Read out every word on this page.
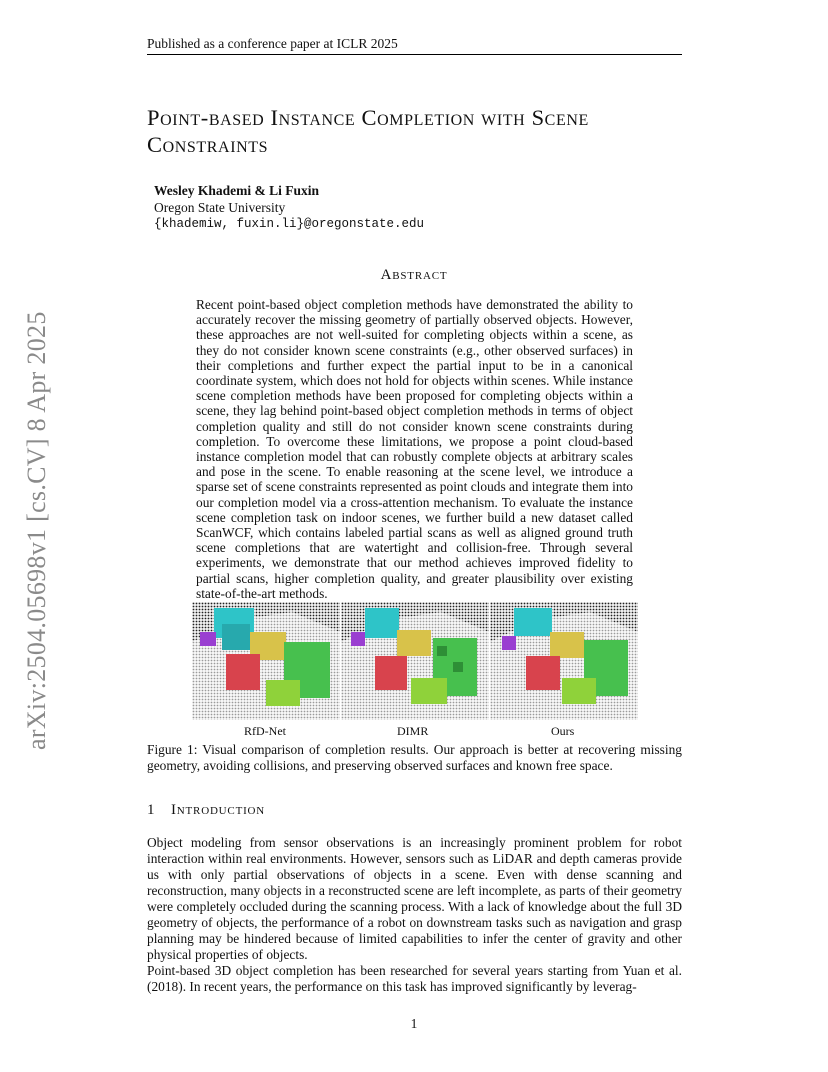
Published as a conference paper at ICLR 2025
Point-based Instance Completion with Scene Constraints
Wesley Khademi & Li Fuxin
Oregon State University
{khademiw, fuxin.li}@oregonstate.edu
arXiv:2504.05698v1 [cs.CV] 8 Apr 2025
Abstract
Recent point-based object completion methods have demonstrated the ability to accurately recover the missing geometry of partially observed objects. However, these approaches are not well-suited for completing objects within a scene, as they do not consider known scene constraints (e.g., other observed surfaces) in their completions and further expect the partial input to be in a canonical coordinate system, which does not hold for objects within scenes. While instance scene completion methods have been proposed for completing objects within a scene, they lag behind point-based object completion methods in terms of object completion quality and still do not consider known scene constraints during completion. To overcome these limitations, we propose a point cloud-based instance completion model that can robustly complete objects at arbitrary scales and pose in the scene. To enable reasoning at the scene level, we introduce a sparse set of scene constraints represented as point clouds and integrate them into our completion model via a cross-attention mechanism. To evaluate the instance scene completion task on indoor scenes, we further build a new dataset called ScanWCF, which contains labeled partial scans as well as aligned ground truth scene completions that are watertight and collision-free. Through several experiments, we demonstrate that our method achieves improved fidelity to partial scans, higher completion quality, and greater plausibility over existing state-of-the-art methods.
RfD-Net	DIMR	Ours
Figure 1: Visual comparison of completion results. Our approach is better at recovering missing geometry, avoiding collisions, and preserving observed surfaces and known free space.
1 Introduction

Object modeling from sensor observations is an increasingly prominent problem for robot interaction within real environments. However, sensors such as LiDAR and depth cameras provide us with only partial observations of objects in a scene. Even with dense scanning and reconstruction, many objects in a reconstructed scene are left incomplete, as parts of their geometry were completely occluded during the scanning process. With a lack of knowledge about the full 3D geometry of objects, the performance of a robot on downstream tasks such as navigation and grasp planning may be hindered because of limited capabilities to infer the center of gravity and other physical properties of objects.

Point-based 3D object completion has been researched for several years starting from Yuan et al. (2018). In recent years, the performance on this task has improved significantly by leverag-

1
